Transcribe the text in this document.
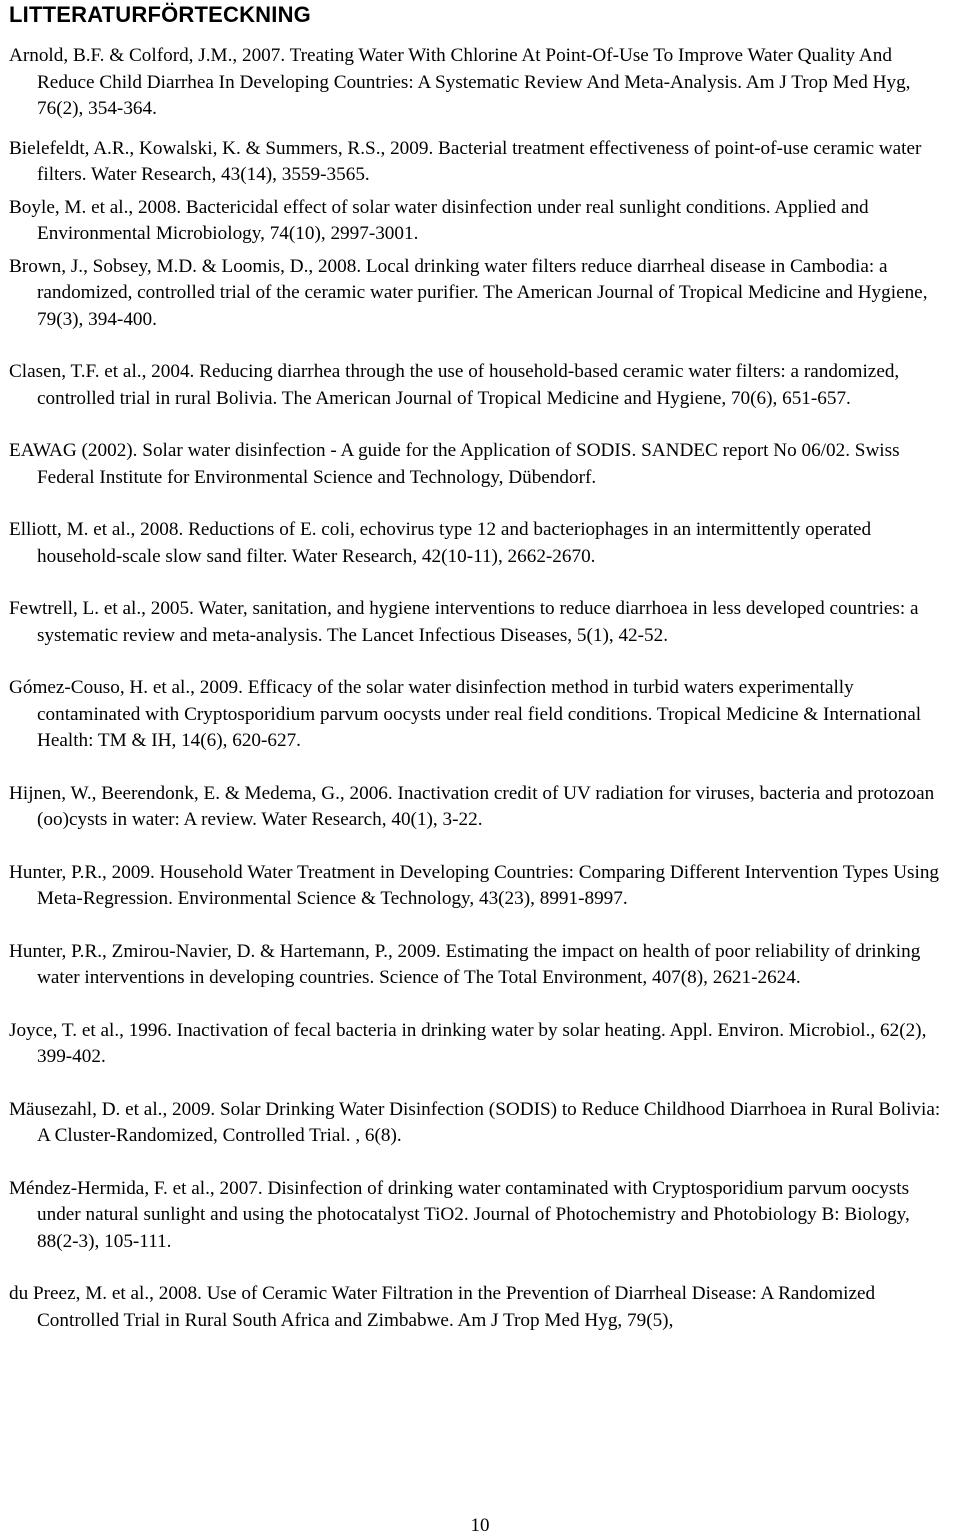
LITTERATURFÖRTECKNING
Arnold, B.F. & Colford, J.M., 2007. Treating Water With Chlorine At Point-Of-Use To Improve Water Quality And Reduce Child Diarrhea In Developing Countries: A Systematic Review And Meta-Analysis. Am J Trop Med Hyg, 76(2), 354-364.
Bielefeldt, A.R., Kowalski, K. & Summers, R.S., 2009. Bacterial treatment effectiveness of point-of-use ceramic water filters. Water Research, 43(14), 3559-3565.
Boyle, M. et al., 2008. Bactericidal effect of solar water disinfection under real sunlight conditions. Applied and Environmental Microbiology, 74(10), 2997-3001.
Brown, J., Sobsey, M.D. & Loomis, D., 2008. Local drinking water filters reduce diarrheal disease in Cambodia: a randomized, controlled trial of the ceramic water purifier. The American Journal of Tropical Medicine and Hygiene, 79(3), 394-400.
Clasen, T.F. et al., 2004. Reducing diarrhea through the use of household-based ceramic water filters: a randomized, controlled trial in rural Bolivia. The American Journal of Tropical Medicine and Hygiene, 70(6), 651-657.
EAWAG (2002). Solar water disinfection - A guide for the Application of SODIS. SANDEC report No 06/02. Swiss Federal Institute for Environmental Science and Technology, Dübendorf.
Elliott, M. et al., 2008. Reductions of E. coli, echovirus type 12 and bacteriophages in an intermittently operated household-scale slow sand filter. Water Research, 42(10-11), 2662-2670.
Fewtrell, L. et al., 2005. Water, sanitation, and hygiene interventions to reduce diarrhoea in less developed countries: a systematic review and meta-analysis. The Lancet Infectious Diseases, 5(1), 42-52.
Gómez-Couso, H. et al., 2009. Efficacy of the solar water disinfection method in turbid waters experimentally contaminated with Cryptosporidium parvum oocysts under real field conditions. Tropical Medicine & International Health: TM & IH, 14(6), 620-627.
Hijnen, W., Beerendonk, E. & Medema, G., 2006. Inactivation credit of UV radiation for viruses, bacteria and protozoan (oo)cysts in water: A review. Water Research, 40(1), 3-22.
Hunter, P.R., 2009. Household Water Treatment in Developing Countries: Comparing Different Intervention Types Using Meta-Regression. Environmental Science & Technology, 43(23), 8991-8997.
Hunter, P.R., Zmirou-Navier, D. & Hartemann, P., 2009. Estimating the impact on health of poor reliability of drinking water interventions in developing countries. Science of The Total Environment, 407(8), 2621-2624.
Joyce, T. et al., 1996. Inactivation of fecal bacteria in drinking water by solar heating. Appl. Environ. Microbiol., 62(2), 399-402.
Mäusezahl, D. et al., 2009. Solar Drinking Water Disinfection (SODIS) to Reduce Childhood Diarrhoea in Rural Bolivia: A Cluster-Randomized, Controlled Trial. , 6(8).
Méndez-Hermida, F. et al., 2007. Disinfection of drinking water contaminated with Cryptosporidium parvum oocysts under natural sunlight and using the photocatalyst TiO2. Journal of Photochemistry and Photobiology B: Biology, 88(2-3), 105-111.
du Preez, M. et al., 2008. Use of Ceramic Water Filtration in the Prevention of Diarrheal Disease: A Randomized Controlled Trial in Rural South Africa and Zimbabwe. Am J Trop Med Hyg, 79(5),
10
